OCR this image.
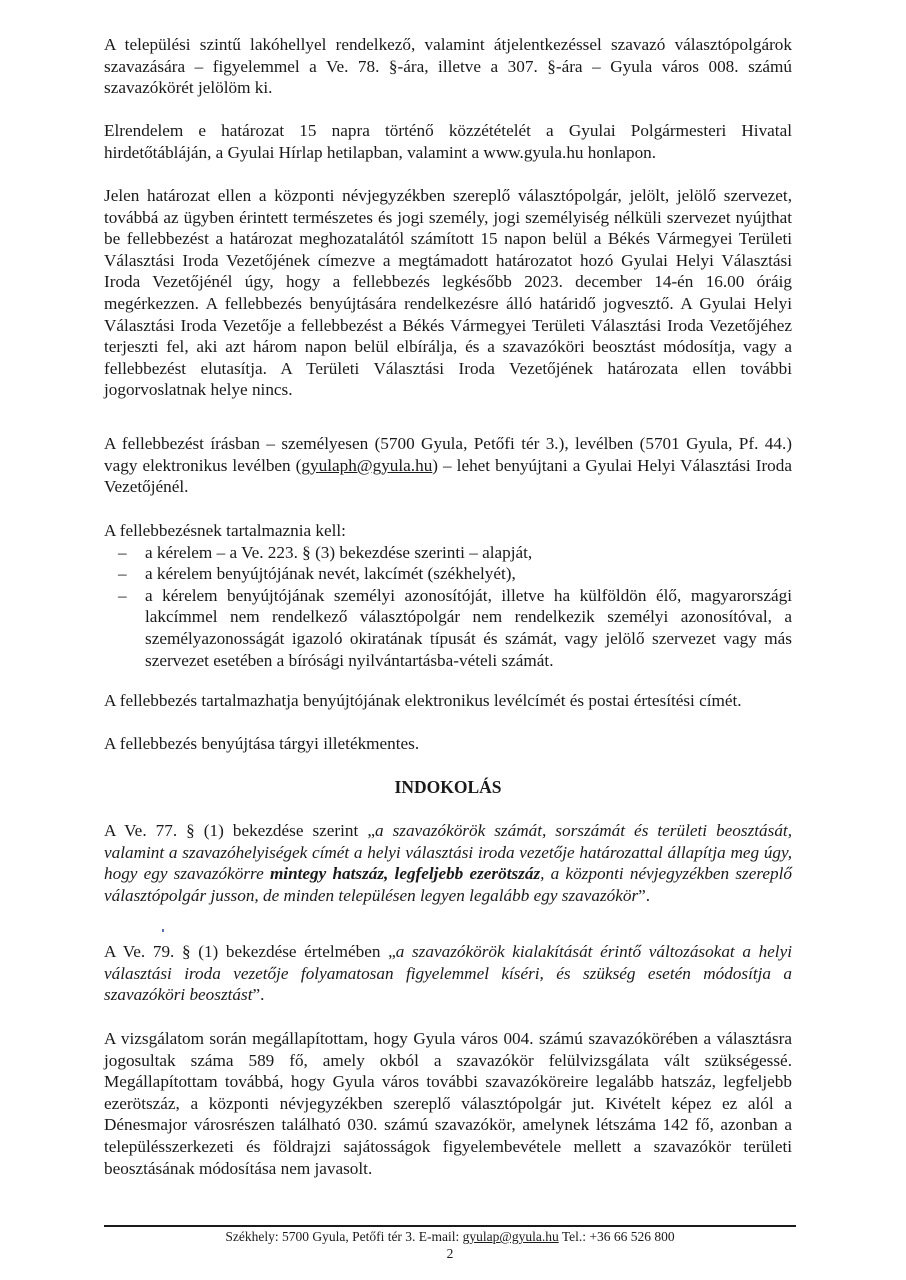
A települési szintű lakóhellyel rendelkező, valamint átjelentkezéssel szavazó választópolgárok szavazására – figyelemmel a Ve. 78. §-ára, illetve a 307. §-ára – Gyula város 008. számú szavazókörét jelölöm ki.

Elrendelem e határozat 15 napra történő közzétételét a Gyulai Polgármesteri Hivatal hirdetőtábláján, a Gyulai Hírlap hetilapban, valamint a www.gyula.hu honlapon.

Jelen határozat ellen a központi névjegyzékben szereplő választópolgár, jelölt, jelölő szervezet, továbbá az ügyben érintett természetes és jogi személy, jogi személyiség nélküli szervezet nyújthat be fellebbezést a határozat meghozatalától számított 15 napon belül a Békés Vármegyei Területi Választási Iroda Vezetőjének címezve a megtámadott határozatot hozó Gyulai Helyi Választási Iroda Vezetőjénél úgy, hogy a fellebbezés legkésőbb 2023. december 14-én 16.00 óráig megérkezzen. A fellebbezés benyújtására rendelkezésre álló határidő jogvesztő. A Gyulai Helyi Választási Iroda Vezetője a fellebbezést a Békés Vármegyei Területi Választási Iroda Vezetőjéhez terjeszti fel, aki azt három napon belül elbírálja, és a szavazóköri beosztást módosítja, vagy a fellebbezést elutasítja. A Területi Választási Iroda Vezetőjének határozata ellen további jogorvoslatnak helye nincs.

A fellebbezést írásban – személyesen (5700 Gyula, Petőfi tér 3.), levélben (5701 Gyula, Pf. 44.) vagy elektronikus levélben (gyulaph@gyula.hu) – lehet benyújtani a Gyulai Helyi Választási Iroda Vezetőjénél.

A fellebbezésnek tartalmaznia kell:

– a kérelem – a Ve. 223. § (3) bekezdése szerinti – alapját,
– a kérelem benyújtójának nevét, lakcímét (székhelyét),
– a kérelem benyújtójának személyi azonosítóját, illetve ha külföldön élő, magyarországi lakcímmel nem rendelkező választópolgár nem rendelkezik személyi azonosítóval, a személyazonosságát igazoló okiratának típusát és számát, vagy jelölő szervezet vagy más szervezet esetében a bírósági nyilvántartásba-vételi számát.

A fellebbezés tartalmazhatja benyújtójának elektronikus levélcímét és postai értesítési címét.

A fellebbezés benyújtása tárgyi illetékmentes.

INDOKOLÁS

A Ve. 77. § (1) bekezdése szerint „a szavazókörök számát, sorszámát és területi beosztását, valamint a szavazóhelyiségek címét a helyi választási iroda vezetője határozattal állapítja meg úgy, hogy egy szavazókörre mintegy hatszáz, legfeljebb ezerötszáz, a központi névjegyzékben szereplő választópolgár jusson, de minden településen legyen legalább egy szavazókör”.

A Ve. 79. § (1) bekezdése értelmében „a szavazókörök kialakítását érintő változásokat a helyi választási iroda vezetője folyamatosan figyelemmel kíséri, és szükség esetén módosítja a szavazóköri beosztást”.

A vizsgálatom során megállapítottam, hogy Gyula város 004. számú szavazókörében a választásra jogosultak száma 589 fő, amely okból a szavazókör felülvizsgálata vált szükségessé. Megállapítottam továbbá, hogy Gyula város további szavazóköreire legalább hatszáz, legfeljebb ezerötszáz, a központi névjegyzékben szereplő választópolgár jut. Kivételt képez ez alól a Dénesmajor városrészen található 030. számú szavazókör, amelynek létszáma 142 fő, azonban a településszerkezeti és földrajzi sajátosságok figyelembevétele mellett a szavazókör területi beosztásának módosítása nem javasolt.

Székhely: 5700 Gyula, Petőfi tér 3. E-mail: gyulap@gyula.hu Tel.: +36 66 526 800
2
